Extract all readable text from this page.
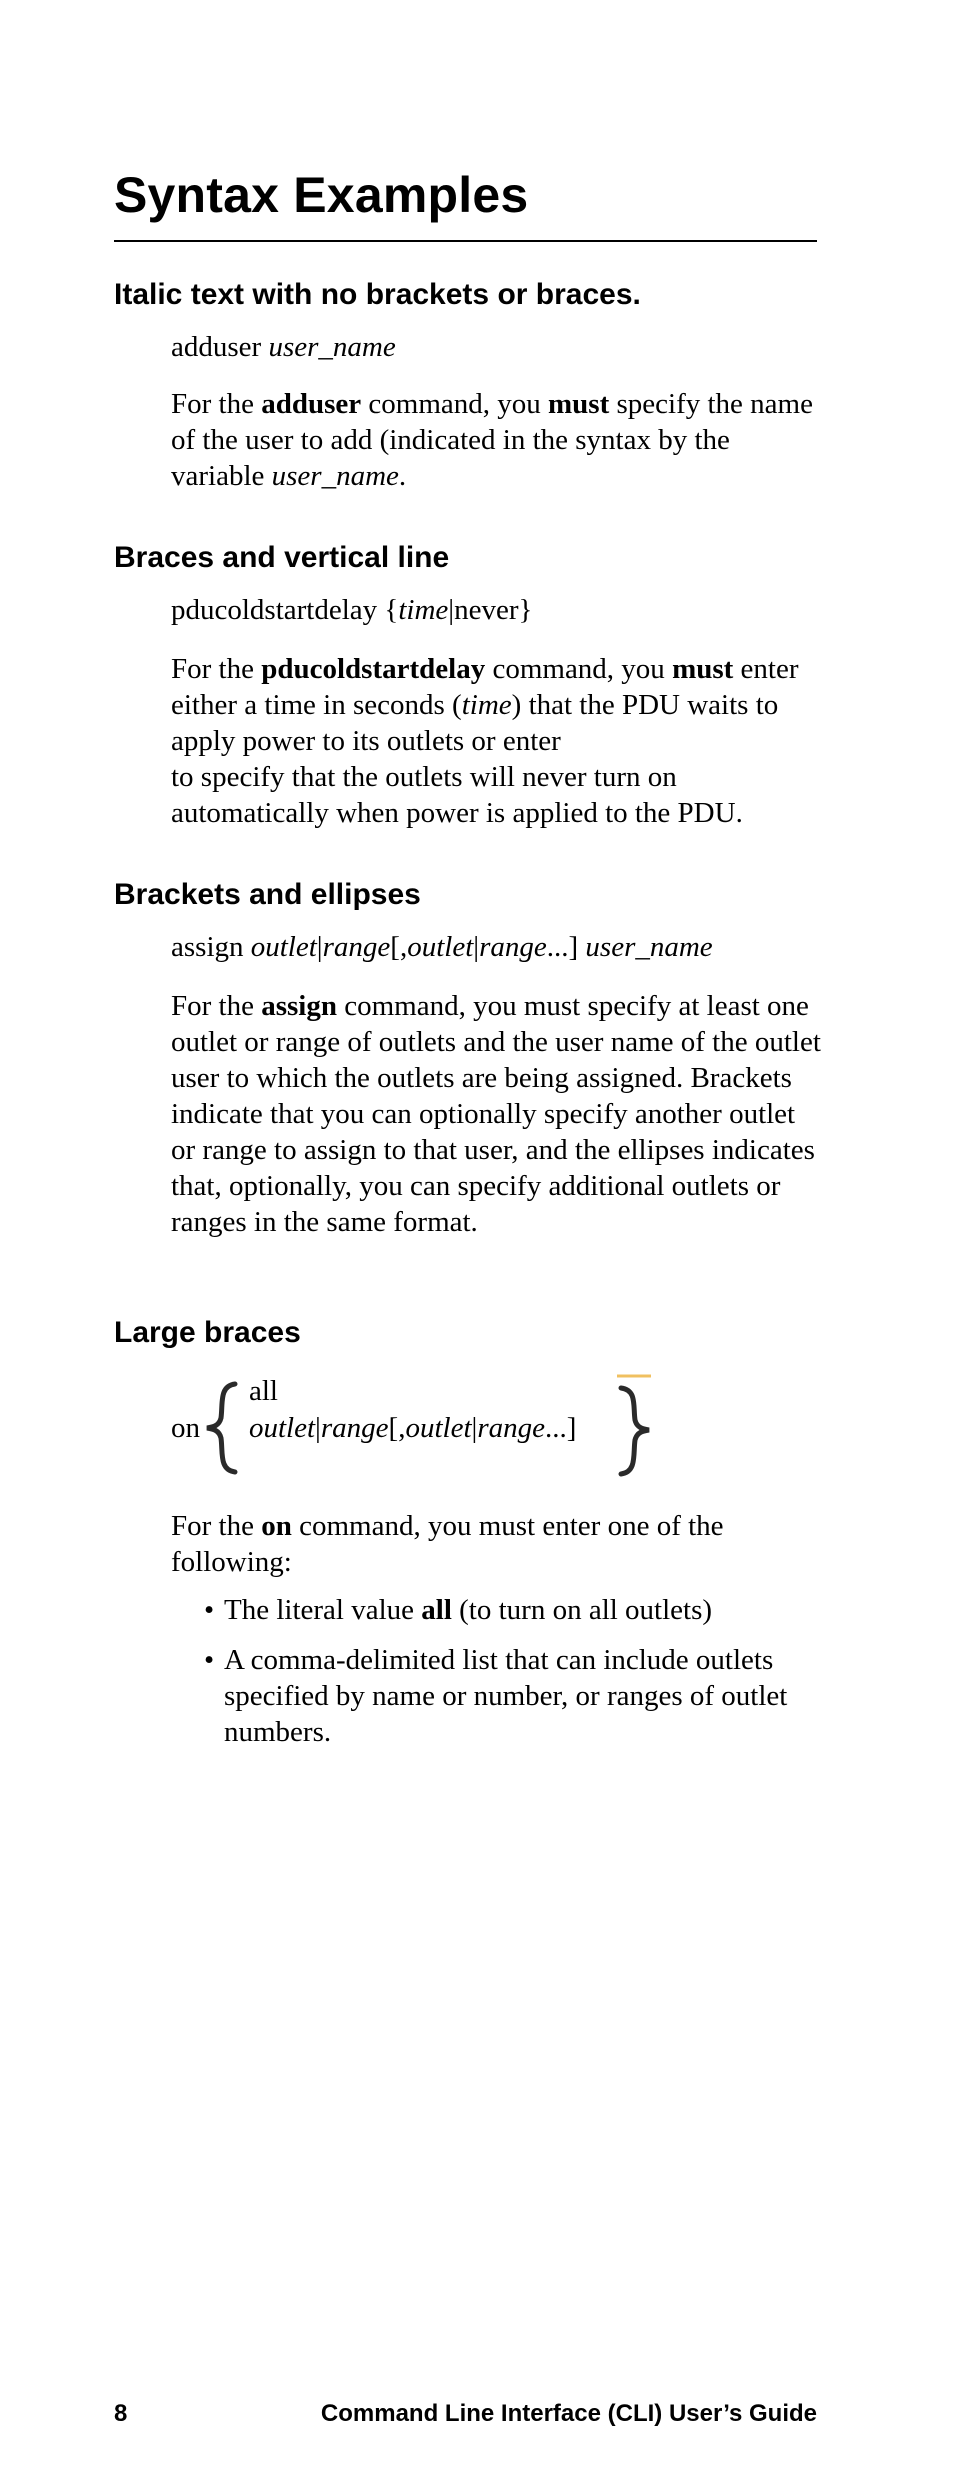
Syntax Examples
Italic text with no brackets or braces.
adduser user_name

For the adduser command, you must specify the name of the user to add (indicated in the syntax by the variable user_name.

Braces and vertical line
pducoldstartdelay {time|never}

For the pducoldstartdelay command, you must enter either a time in seconds (time) that the PDU waits to apply power to its outlets or enter
to specify that the outlets will never turn on automatically when power is applied to the PDU.

Brackets and ellipses
assign outlet|range[,outlet|range...] user_name

For the assign command, you must specify at least one outlet or range of outlets and the user name of the outlet user to which the outlets are being assigned. Brackets indicate that you can optionally specify another outlet or range to assign to that user, and the ellipses indicates that, optionally, you can specify additional outlets or ranges in the same format.

Large braces
on
all
outlet|range[,outlet|range...]

For the on command, you must enter one of the following:

• The literal value all (to turn on all outlets)
• A comma-delimited list that can include outlets specified by name or number, or ranges of outlet numbers.
8	Command Line Interface (CLI) User’s Guide
